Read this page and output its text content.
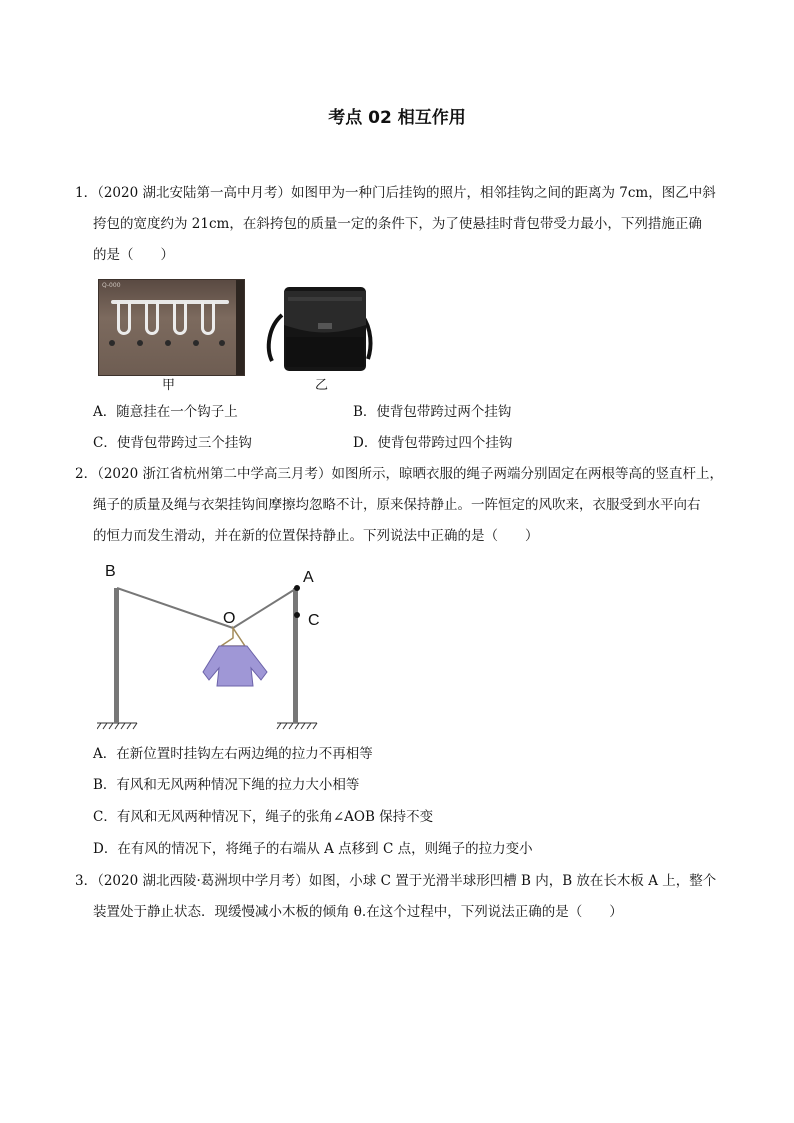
考点 02 相互作用
1．（2020 湖北安陆第一高中月考）如图甲为一种门后挂钩的照片，相邻挂钩之间的距离为 7cm，图乙中斜
挎包的宽度约为 21cm，在斜挎包的质量一定的条件下，为了使悬挂时背包带受力最小，下列措施正确
的是（　　）
Q-000
甲	乙
A．随意挂在一个钩子上	B．使背包带跨过两个挂钩
C．使背包带跨过三个挂钩	D．使背包带跨过四个挂钩
2．（2020 浙江省杭州第二中学高三月考）如图所示，晾晒衣服的绳子两端分别固定在两根等高的竖直杆上，
绳子的质量及绳与衣架挂钩间摩擦均忽略不计，原来保持静止。一阵恒定的风吹来，衣服受到水平向右
的恒力而发生滑动，并在新的位置保持静止。下列说法中正确的是（　　）
B	A
O	C
A．在新位置时挂钩左右两边绳的拉力不再相等
B．有风和无风两种情况下绳的拉力大小相等
C．有风和无风两种情况下，绳子的张角∠AOB 保持不变
D．在有风的情况下，将绳子的右端从 A 点移到 C 点，则绳子的拉力变小
3．（2020 湖北西陵·葛洲坝中学月考）如图，小球 C 置于光滑半球形凹槽 B 内，B 放在长木板 A 上，整个
装置处于静止状态．现缓慢减小木板的倾角 θ.在这个过程中，下列说法正确的是（　　）
